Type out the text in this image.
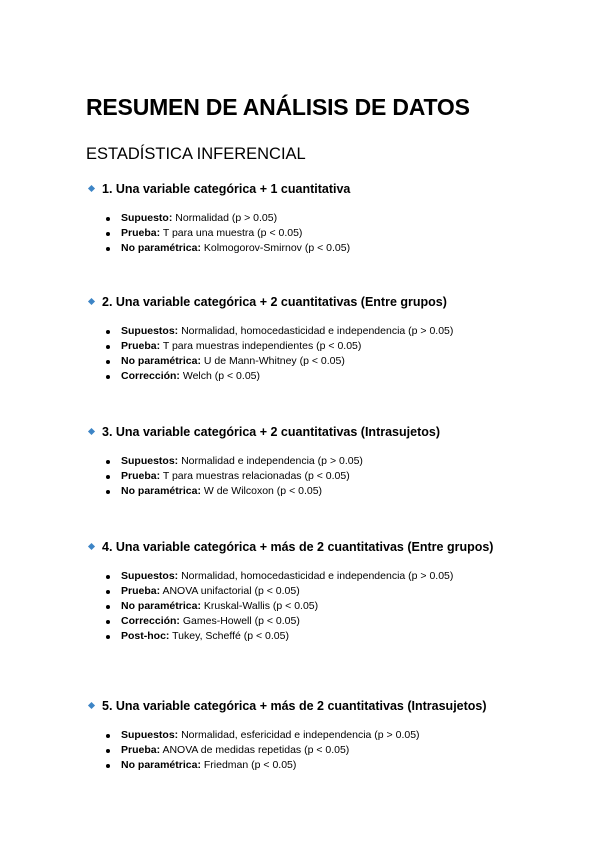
RESUMEN DE ANÁLISIS DE DATOS
ESTADÍSTICA INFERENCIAL
1. Una variable categórica + 1 cuantitativa
Supuesto: Normalidad (p > 0.05)
Prueba: T para una muestra (p < 0.05)
No paramétrica: Kolmogorov-Smirnov (p < 0.05)
2. Una variable categórica + 2 cuantitativas (Entre grupos)
Supuestos: Normalidad, homocedasticidad e independencia (p > 0.05)
Prueba: T para muestras independientes (p < 0.05)
No paramétrica: U de Mann-Whitney (p < 0.05)
Corrección: Welch (p < 0.05)
3. Una variable categórica + 2 cuantitativas (Intrasujetos)
Supuestos: Normalidad e independencia (p > 0.05)
Prueba: T para muestras relacionadas (p < 0.05)
No paramétrica: W de Wilcoxon (p < 0.05)
4. Una variable categórica + más de 2 cuantitativas (Entre grupos)
Supuestos: Normalidad, homocedasticidad e independencia (p > 0.05)
Prueba: ANOVA unifactorial (p < 0.05)
No paramétrica: Kruskal-Wallis (p < 0.05)
Corrección: Games-Howell (p < 0.05)
Post-hoc: Tukey, Scheffé (p < 0.05)
5. Una variable categórica + más de 2 cuantitativas (Intrasujetos)
Supuestos: Normalidad, esfericidad e independencia (p > 0.05)
Prueba: ANOVA de medidas repetidas (p < 0.05)
No paramétrica: Friedman (p < 0.05)
